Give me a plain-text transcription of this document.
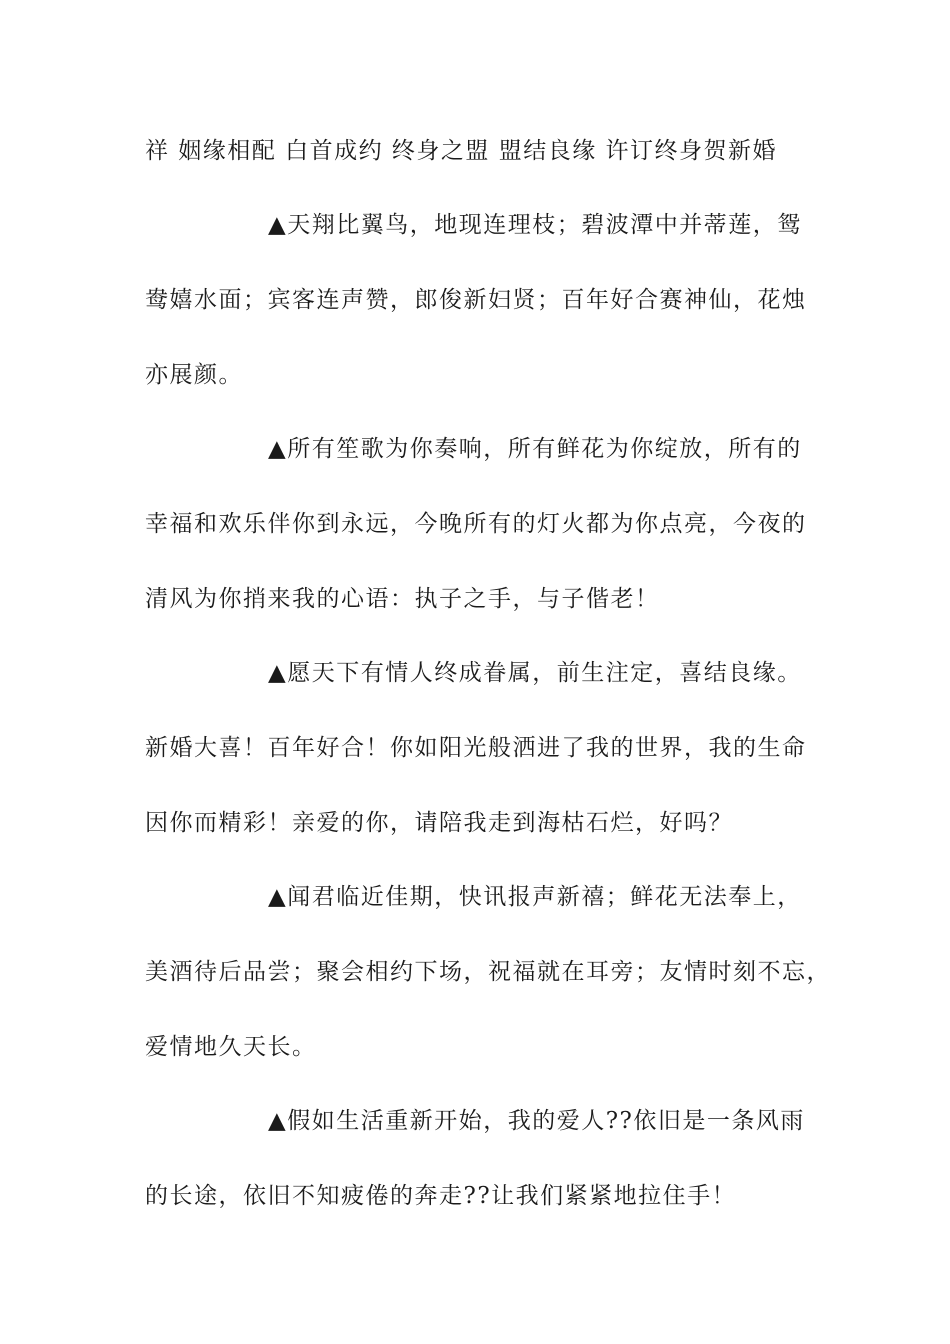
祥 姻缘相配 白首成约 终身之盟 盟结良缘 许订终身贺新婚
▲天翔比翼鸟，地现连理枝；碧波潭中并蒂莲，鸳
鸯嬉水面；宾客连声赞，郎俊新妇贤；百年好合赛神仙，花烛
亦展颜。
▲所有笙歌为你奏响，所有鲜花为你绽放，所有的
幸福和欢乐伴你到永远，今晚所有的灯火都为你点亮，今夜的
清风为你捎来我的心语：执子之手，与子偕老！
▲愿天下有情人终成眷属，前生注定，喜结良缘。
新婚大喜！百年好合！你如阳光般洒进了我的世界，我的生命
因你而精彩！亲爱的你，请陪我走到海枯石烂，好吗？
▲闻君临近佳期，快讯报声新禧；鲜花无法奉上，
美酒待后品尝；聚会相约下场，祝福就在耳旁；友情时刻不忘，
爱情地久天长。
▲假如生活重新开始，我的爱人??依旧是一条风雨
的长途，依旧不知疲倦的奔走??让我们紧紧地拉住手！
